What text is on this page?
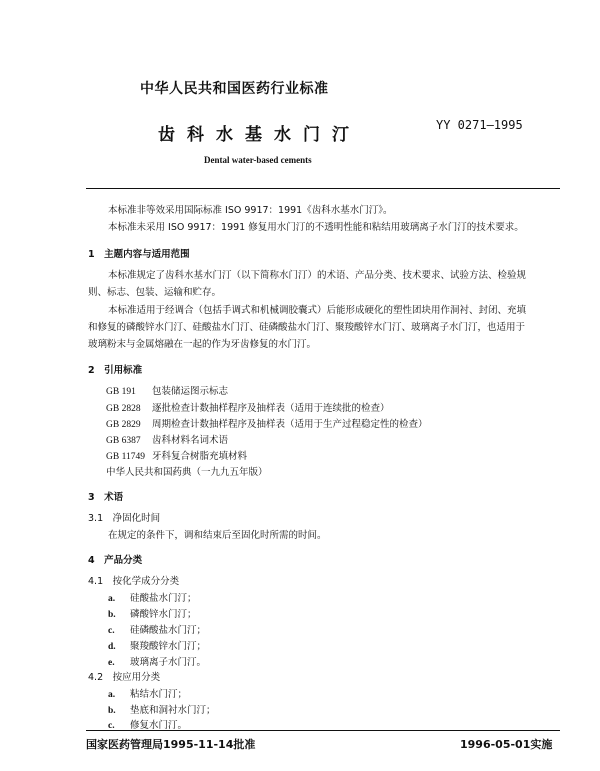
中华人民共和国医药行业标准
齿科水基水门汀	YY 0271—1995
Dental water-based cements
本标准非等效采用国际标准 ISO 9917：1991《齿科水基水门汀》。
本标准未采用 ISO 9917：1991 修复用水门汀的不透明性能和粘结用玻璃离子水门汀的技术要求。
1　主题内容与适用范围
本标准规定了齿科水基水门汀（以下简称水门汀）的术语、产品分类、技术要求、试验方法、检验规
则、标志、包装、运输和贮存。
本标准适用于经调合（包括手调式和机械调胶囊式）后能形成硬化的塑性团块用作洞衬、封闭、充填
和修复的磷酸锌水门汀、硅酸盐水门汀、硅磷酸盐水门汀、聚羧酸锌水门汀、玻璃离子水门汀，也适用于
玻璃粉末与金属熔融在一起的作为牙齿修复的水门汀。
2　引用标准
GB 191 包装储运图示标志
GB 2828 逐批检查计数抽样程序及抽样表（适用于连续批的检查）
GB 2829 周期检查计数抽样程序及抽样表（适用于生产过程稳定性的检查）
GB 6387 齿科材料名词术语
GB 11749 牙科复合树脂充填材料
中华人民共和国药典（一九九五年版）
3　术语
3.1　净固化时间
在规定的条件下，调和结束后至固化时所需的时间。
4　产品分类
4.1　按化学成分分类
a. 硅酸盐水门汀；
b. 磷酸锌水门汀；
c. 硅磷酸盐水门汀；
d. 聚羧酸锌水门汀；
e. 玻璃离子水门汀。
4.2　按应用分类
a. 粘结水门汀；
b. 垫底和洞衬水门汀；
c. 修复水门汀。
国家医药管理局1995-11-14批准	1996-05-01实施
